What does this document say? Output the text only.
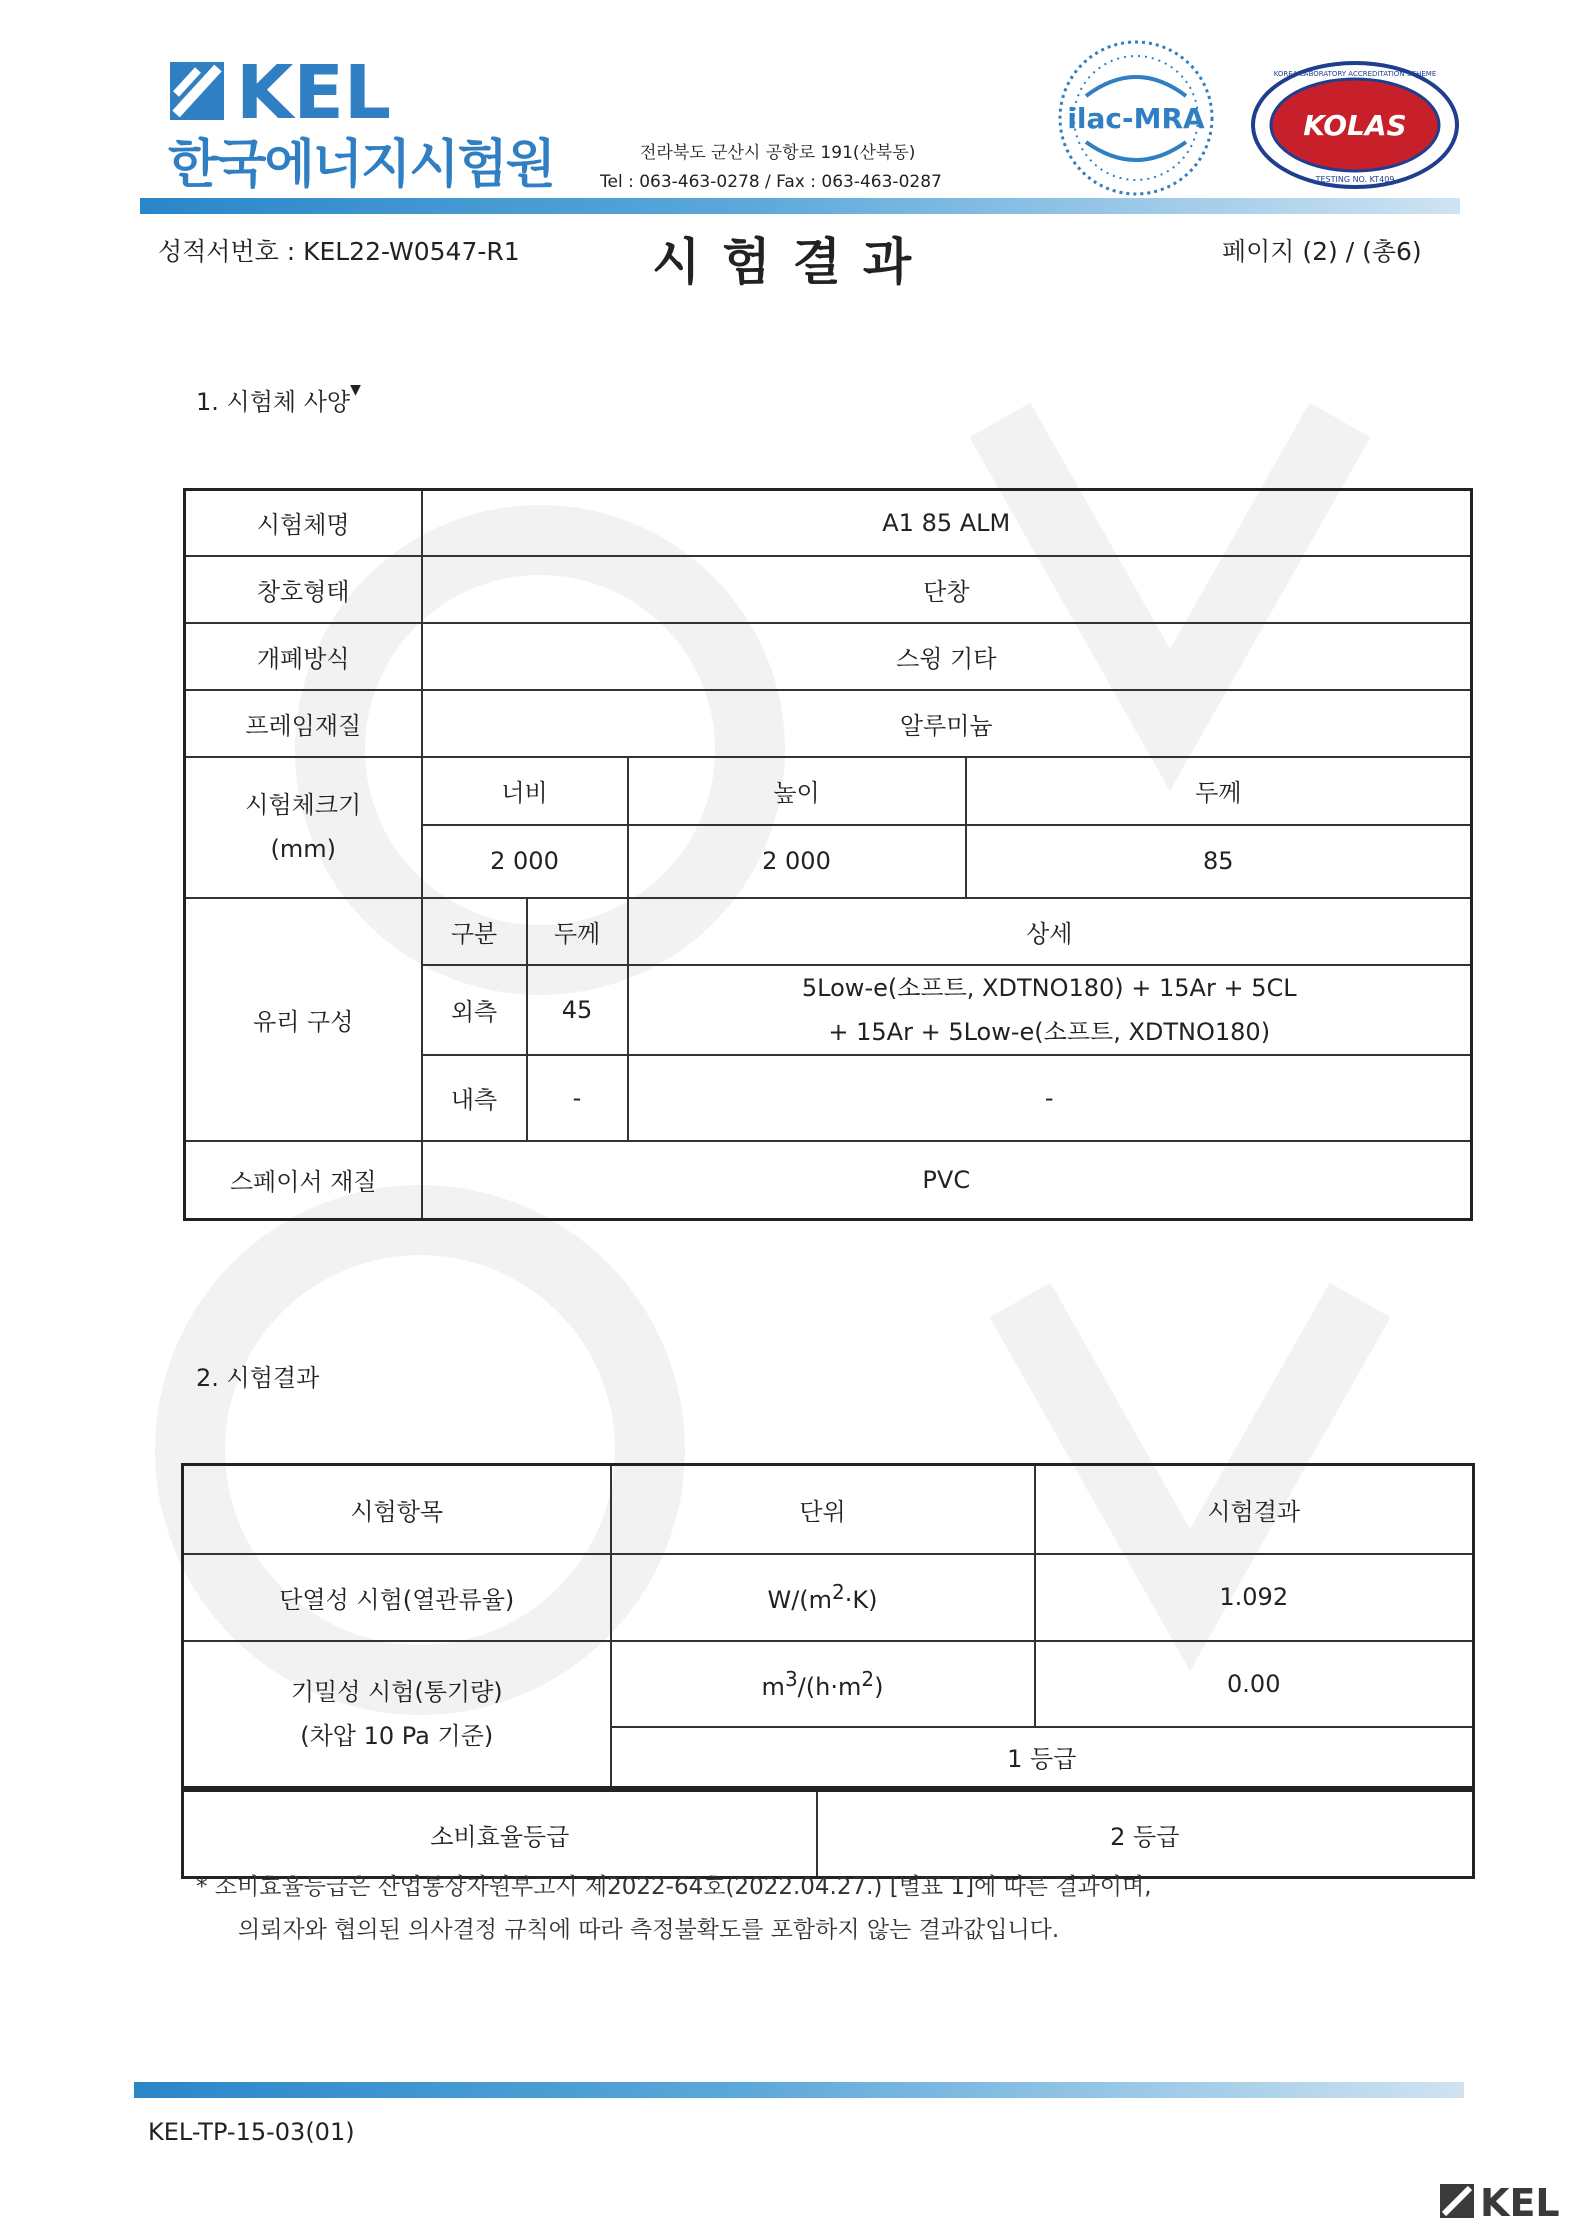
KEL
한국에너지시험원	전라북도 군산시 공항로 191(산북동)
Tel : 063-463-0278 / Fax : 063-463-0287
ilac-MRA	KOLAS
KOREA LABORATORY ACCREDITATION SCHEME
TESTING NO. KT409
성적서번호 : KEL22-W0547-R1	시험결과	페이지 (2) / (총6)
1. 시험체 사양▼
시험체명	A1 85 ALM			
창호형태	단창			
개폐방식	스윙 기타			
프레임재질	알루미늄			

시험체크기
(mm)	너비		높이	두께
	2 000		2 000	85
유리 구성	구분	두께	상세	
	외측	45	5Low-e(소프트, XDTNO180) + 15Ar + 5CL
+ 15Ar + 5Low-e(소프트, XDTNO180)	

	내측	-	-	
스페이서 재질	PVC			
2. 시험결과
시험항목	단위	시험결과
단열성 시험(열관류율)	$W/(m^2\cdot K)$	1.092

기밀성 시험(통기량)
(차압 10 Pa 기준)	$m^3/(h\cdot m^2)$	0.00
	1 등급	
소비효율등급	2 등급
* 소비효율등급은 산업통상자원부고시 제2022-64호(2022.04.27.) [별표 1]에 따른 결과이며,
의뢰자와 협의된 의사결정 규칙에 따라 측정불확도를 포함하지 않는 결과값입니다.
KEL-TP-15-03(01)
KEL
